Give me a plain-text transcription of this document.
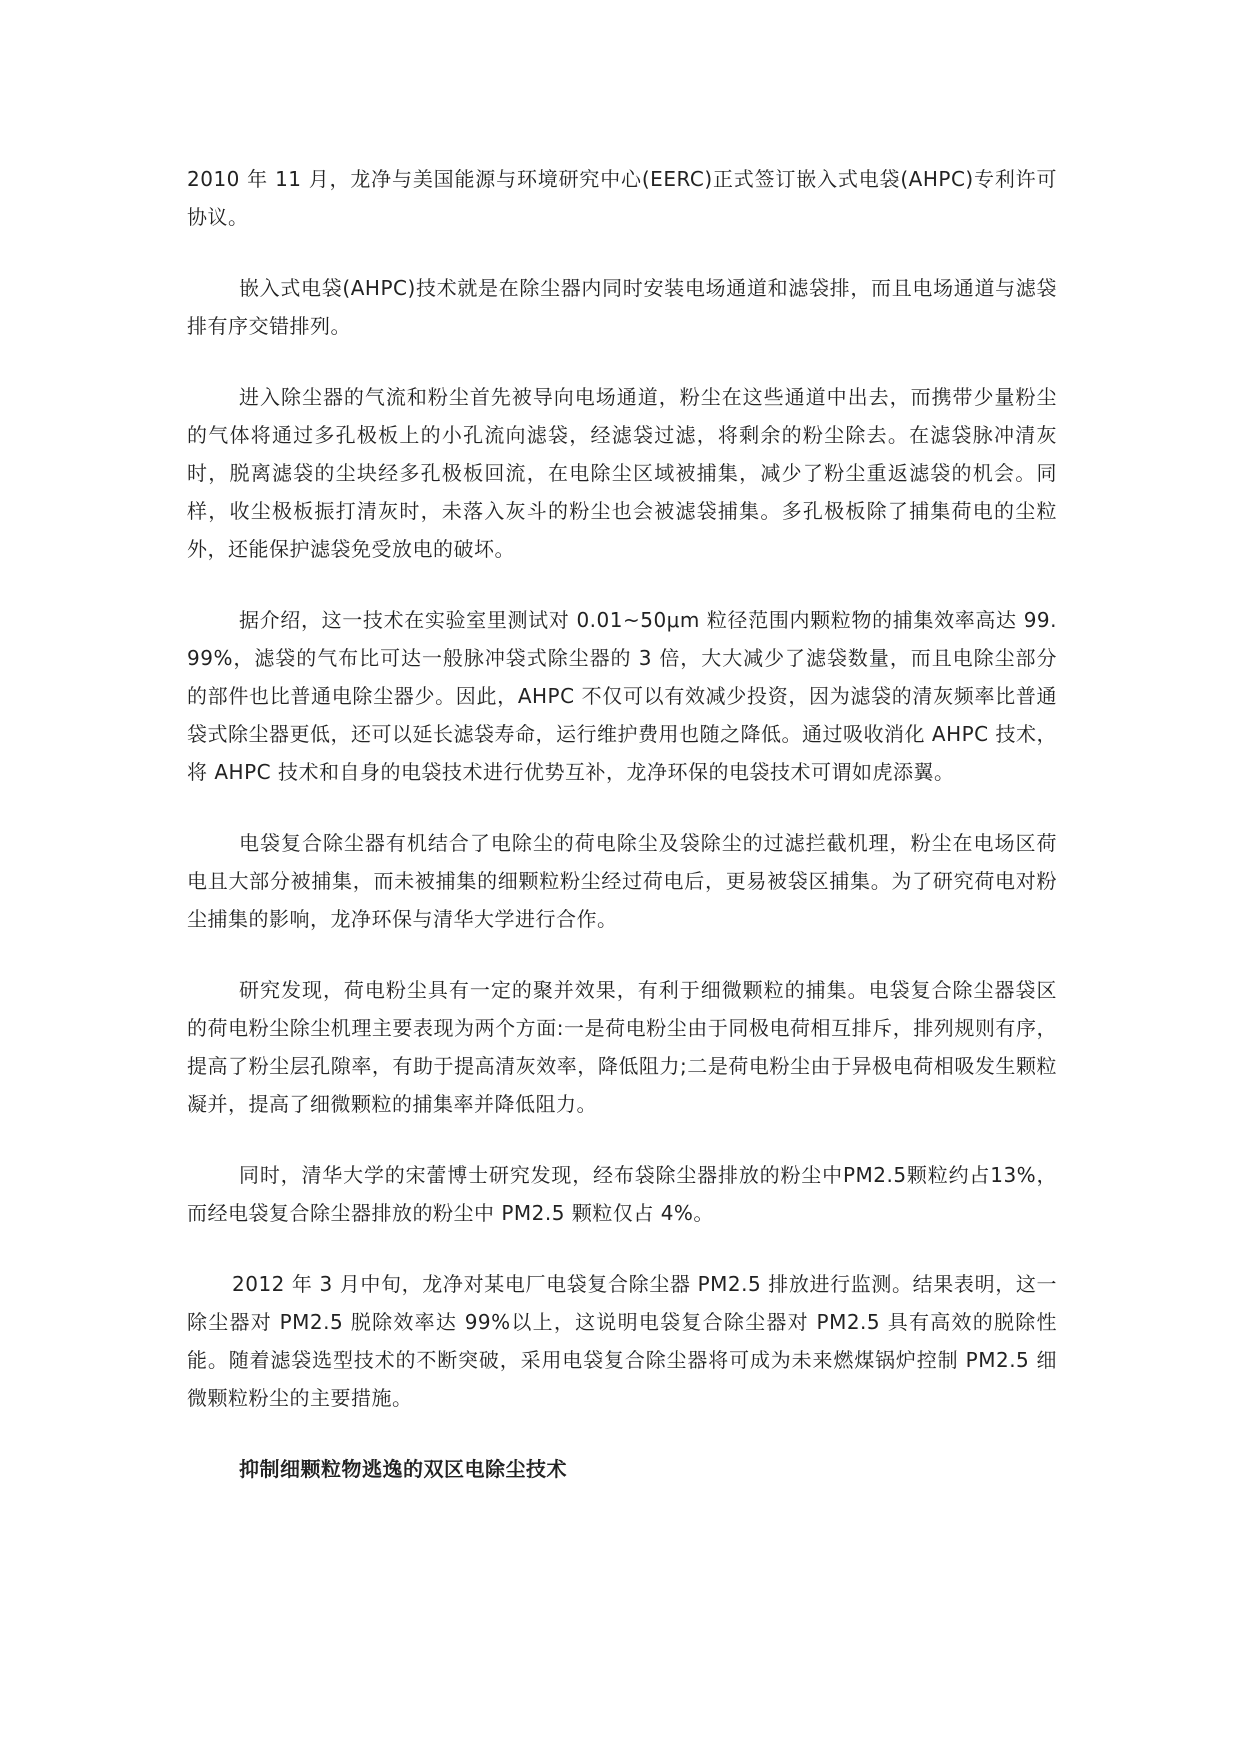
2010 年 11 月，龙净与美国能源与环境研究中心(EERC)正式签订嵌入式电袋(AHPC)专利许可协议。

嵌入式电袋(AHPC)技术就是在除尘器内同时安装电场通道和滤袋排，而且电场通道与滤袋排有序交错排列。

进入除尘器的气流和粉尘首先被导向电场通道，粉尘在这些通道中出去，而携带少量粉尘的气体将通过多孔极板上的小孔流向滤袋，经滤袋过滤，将剩余的粉尘除去。在滤袋脉冲清灰时，脱离滤袋的尘块经多孔极板回流，在电除尘区域被捕集，减少了粉尘重返滤袋的机会。同样，收尘极板振打清灰时，未落入灰斗的粉尘也会被滤袋捕集。多孔极板除了捕集荷电的尘粒外，还能保护滤袋免受放电的破坏。

据介绍，这一技术在实验室里测试对 0.01~50μm 粒径范围内颗粒物的捕集效率高达 99.99%，滤袋的气布比可达一般脉冲袋式除尘器的 3 倍，大大减少了滤袋数量，而且电除尘部分的部件也比普通电除尘器少。因此，AHPC 不仅可以有效减少投资，因为滤袋的清灰频率比普通袋式除尘器更低，还可以延长滤袋寿命，运行维护费用也随之降低。通过吸收消化 AHPC 技术，将 AHPC 技术和自身的电袋技术进行优势互补，龙净环保的电袋技术可谓如虎添翼。

电袋复合除尘器有机结合了电除尘的荷电除尘及袋除尘的过滤拦截机理，粉尘在电场区荷电且大部分被捕集，而未被捕集的细颗粒粉尘经过荷电后，更易被袋区捕集。为了研究荷电对粉尘捕集的影响，龙净环保与清华大学进行合作。

研究发现，荷电粉尘具有一定的聚并效果，有利于细微颗粒的捕集。电袋复合除尘器袋区的荷电粉尘除尘机理主要表现为两个方面:一是荷电粉尘由于同极电荷相互排斥，排列规则有序，提高了粉尘层孔隙率，有助于提高清灰效率，降低阻力;二是荷电粉尘由于异极电荷相吸发生颗粒凝并，提高了细微颗粒的捕集率并降低阻力。

同时，清华大学的宋蕾博士研究发现，经布袋除尘器排放的粉尘中PM2.5颗粒约占13%，而经电袋复合除尘器排放的粉尘中 PM2.5 颗粒仅占 4%。

2012 年 3 月中旬，龙净对某电厂电袋复合除尘器 PM2.5 排放进行监测。结果表明，这一除尘器对 PM2.5 脱除效率达 99%以上，这说明电袋复合除尘器对 PM2.5 具有高效的脱除性能。随着滤袋选型技术的不断突破，采用电袋复合除尘器将可成为未来燃煤锅炉控制 PM2.5 细微颗粒粉尘的主要措施。

抑制细颗粒物逃逸的双区电除尘技术
